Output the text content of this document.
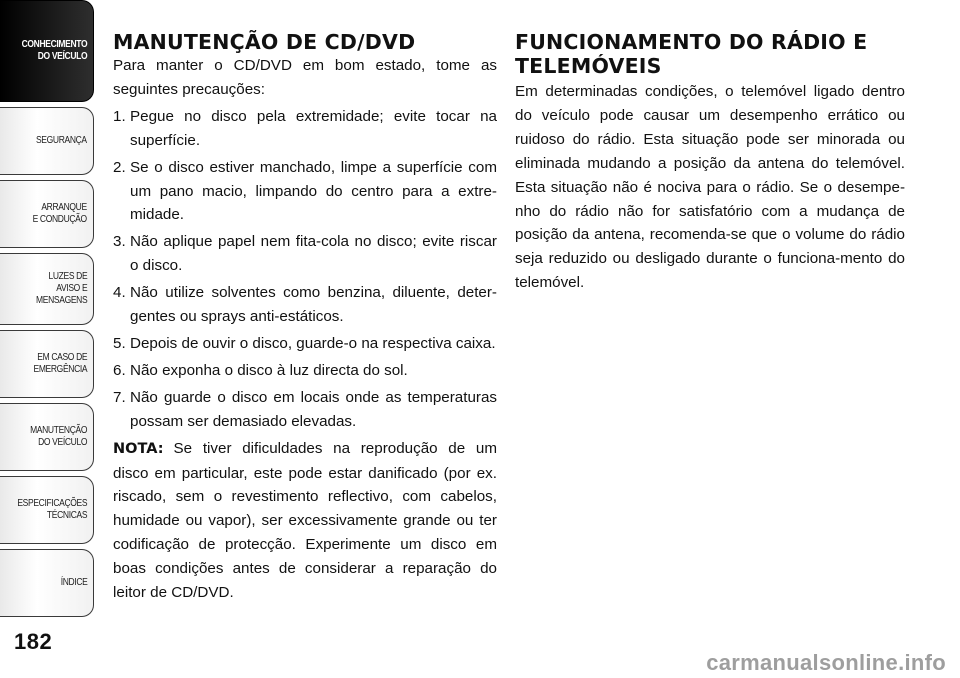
CONHECIMENTO
DO VEÍCULO
SEGURANÇA
ARRANQUE
E CONDUÇÃO
LUZES DE
AVISO E
MENSAGENS
EM CASO DE
EMERGÊNCIA
MANUTENÇÃO
DO VEÍCULO
ESPECIFICAÇÕES
TÉCNICAS
ÍNDICE
182
MANUTENÇÃO DE CD/DVD

Para manter o CD/DVD em bom estado, tome as seguintes precauções:

1. Pegue no disco pela extremidade; evite tocar na superfície.
2. Se o disco estiver manchado, limpe a superfície com um pano macio, limpando do centro para a extre-midade.
3. Não aplique papel nem fita-cola no disco; evite riscar o disco.
4. Não utilize solventes como benzina, diluente, deter-gentes ou sprays anti-estáticos.
5. Depois de ouvir o disco, guarde-o na respectiva caixa.
6. Não exponha o disco à luz directa do sol.
7. Não guarde o disco em locais onde as temperaturas possam ser demasiado elevadas.

NOTA: Se tiver dificuldades na reprodução de um disco em particular, este pode estar danificado (por ex. riscado, sem o revestimento reflectivo, com cabelos, humidade ou vapor), ser excessivamente grande ou ter codificação de protecção. Experimente um disco em boas condições antes de considerar a reparação do leitor de CD/DVD.

FUNCIONAMENTO DO RÁDIO E TELEMÓVEIS

Em determinadas condições, o telemóvel ligado dentro do veículo pode causar um desempenho errático ou ruidoso do rádio. Esta situação pode ser minorada ou eliminada mudando a posição da antena do telemóvel. Esta situação não é nociva para o rádio. Se o desempe-nho do rádio não for satisfatório com a mudança de posição da antena, recomenda-se que o volume do rádio seja reduzido ou desligado durante o funciona-mento do telemóvel.

carmanualsonline.info
